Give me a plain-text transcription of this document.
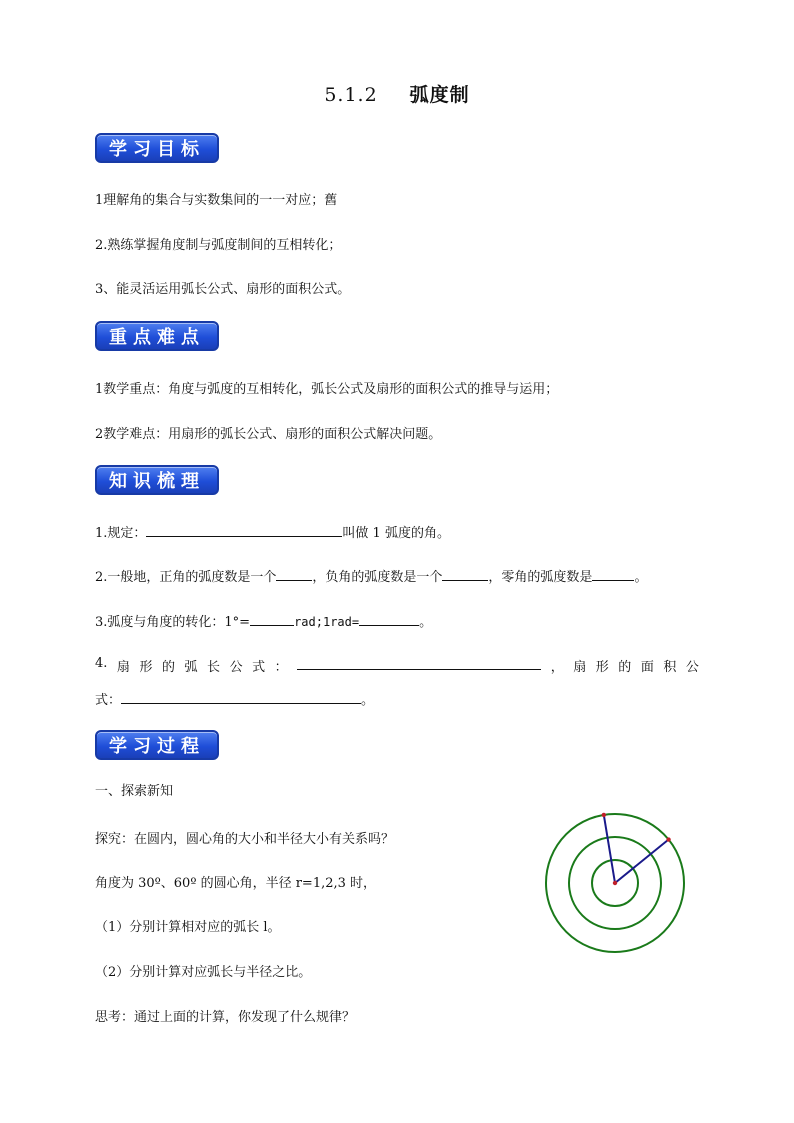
5.1.2 弧度制
学习目标
1理解角的集合与实数集间的一一对应；舊
2.熟练掌握角度制与弧度制间的互相转化；
3、能灵活运用弧长公式、扇形的面积公式。
重点难点
1教学重点：角度与弧度的互相转化，弧长公式及扇形的面积公式的推导与运用；
2教学难点：用扇形的弧长公式、扇形的面积公式解决问题。
知识梳理
1.规定：	叫做 1 弧度的角。
2.一般地，正角的弧度数是一个	，负角的弧度数是一个	，零角的弧度数是	。
3.弧度与角度的转化：1°=	rad;1rad=	。
4. 扇 形 的 弧 长 公 式 ：	， 扇 形 的 面 积 公
式：	。
学习过程
一、探索新知
探究：在圆内，圆心角的大小和半径大小有关系吗？
角度为 30º、60º 的圆心角，半径 r=1,2,3 时，
（1）分别计算相对应的弧长 l。
（2）分别计算对应弧长与半径之比。
思考：通过上面的计算，你发现了什么规律？
